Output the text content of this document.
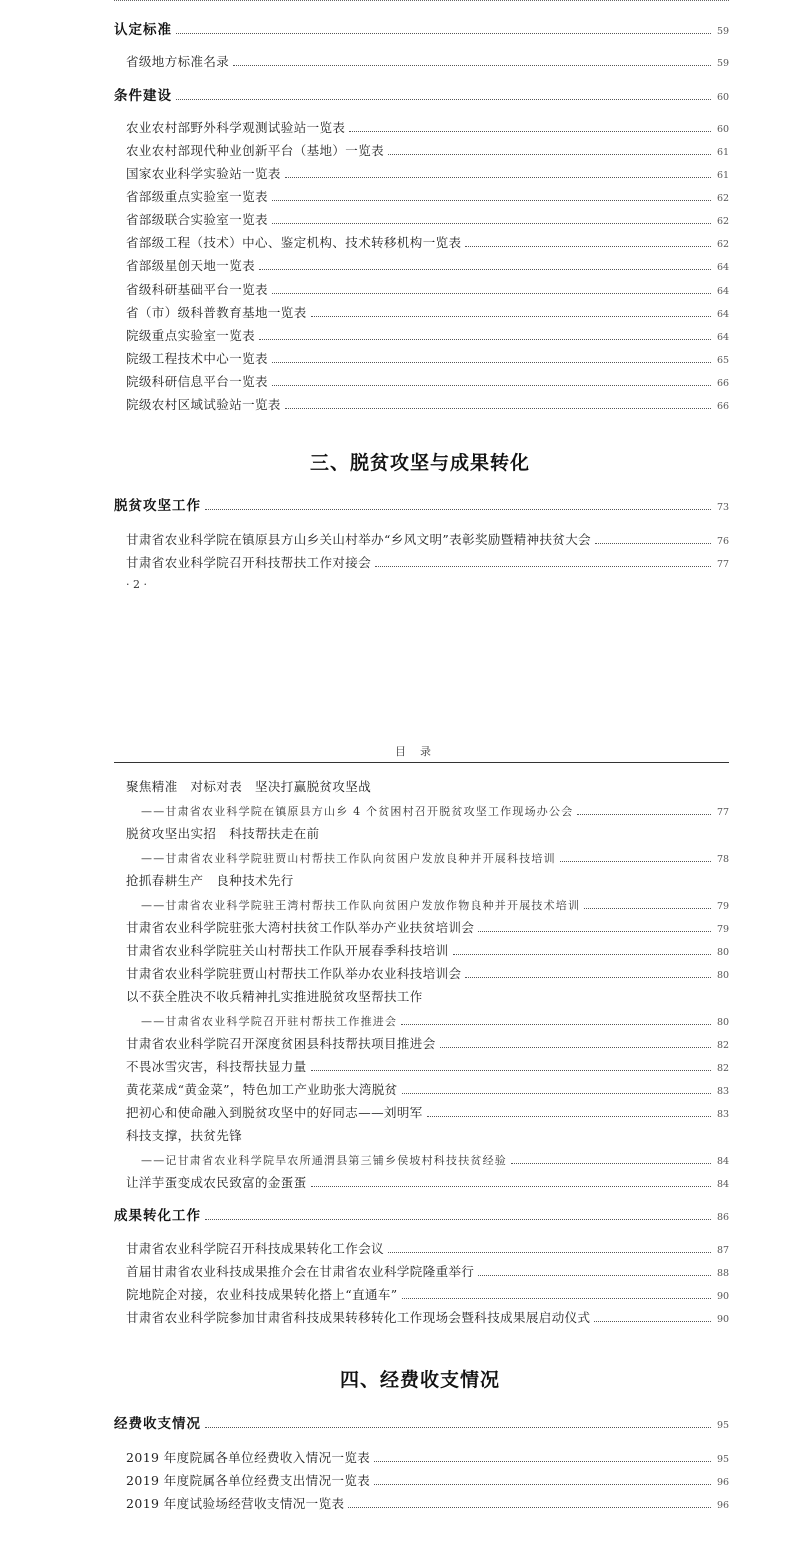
认定标准	59
省级地方标准名录	59
条件建设	60
农业农村部野外科学观测试验站一览表	60
农业农村部现代种业创新平台（基地）一览表	61
国家农业科学实验站一览表	61
省部级重点实验室一览表	62
省部级联合实验室一览表	62
省部级工程（技术）中心、鉴定机构、技术转移机构一览表	62
省部级星创天地一览表	64
省级科研基础平台一览表	64
省（市）级科普教育基地一览表	64
院级重点实验室一览表	64
院级工程技术中心一览表	65
院级科研信息平台一览表	66
院级农村区域试验站一览表	66
三、脱贫攻坚与成果转化
脱贫攻坚工作	73
甘肃省农业科学院在镇原县方山乡关山村举办“乡风文明”表彰奖励暨精神扶贫大会	76
甘肃省农业科学院召开科技帮扶工作对接会	77
· 2 ·
目录
聚焦精准　对标对表　坚决打赢脱贫攻坚战
——甘肃省农业科学院在镇原县方山乡 4 个贫困村召开脱贫攻坚工作现场办公会	77
脱贫攻坚出实招　科技帮扶走在前
——甘肃省农业科学院驻贾山村帮扶工作队向贫困户发放良种并开展科技培训	78
抢抓春耕生产　良种技术先行
——甘肃省农业科学院驻王湾村帮扶工作队向贫困户发放作物良种并开展技术培训	79
甘肃省农业科学院驻张大湾村扶贫工作队举办产业扶贫培训会	79
甘肃省农业科学院驻关山村帮扶工作队开展春季科技培训	80
甘肃省农业科学院驻贾山村帮扶工作队举办农业科技培训会	80
以不获全胜决不收兵精神扎实推进脱贫攻坚帮扶工作
——甘肃省农业科学院召开驻村帮扶工作推进会	80
甘肃省农业科学院召开深度贫困县科技帮扶项目推进会	82
不畏冰雪灾害，科技帮扶显力量	82
黄花菜成“黄金菜”，特色加工产业助张大湾脱贫	83
把初心和使命融入到脱贫攻坚中的好同志——刘明军	83
科技支撑，扶贫先锋
——记甘肃省农业科学院旱农所通渭县第三铺乡侯坡村科技扶贫经验	84
让洋芋蛋变成农民致富的金蛋蛋	84
成果转化工作	86
甘肃省农业科学院召开科技成果转化工作会议	87
首届甘肃省农业科技成果推介会在甘肃省农业科学院隆重举行	88
院地院企对接，农业科技成果转化搭上“直通车”	90
甘肃省农业科学院参加甘肃省科技成果转移转化工作现场会暨科技成果展启动仪式	90
四、经费收支情况
经费收支情况	95
2019 年度院属各单位经费收入情况一览表	95
2019 年度院属各单位经费支出情况一览表	96
2019 年度试验场经营收支情况一览表	96
